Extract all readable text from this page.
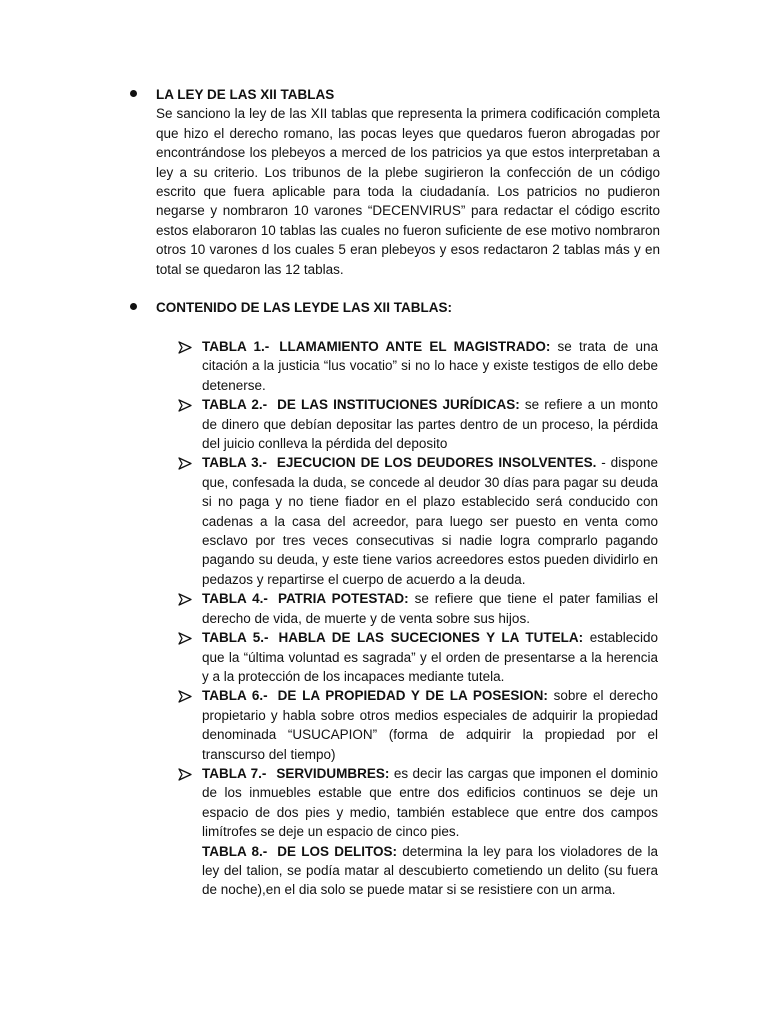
LA LEY DE LAS XII TABLAS
Se sanciono la ley de las XII tablas que representa la primera codificación completa que hizo el derecho romano, las pocas leyes que quedaros fueron abrogadas por encontrándose los plebeyos a merced de los patricios ya que estos interpretaban a ley a su criterio. Los tribunos de la plebe sugirieron la confección de un código escrito que fuera aplicable para toda la ciudadanía. Los patricios no pudieron negarse y nombraron 10 varones “DECENVIRUS” para redactar el código escrito estos elaboraron 10 tablas las cuales no fueron suficiente de ese motivo nombraron otros 10 varones d los cuales 5 eran plebeyos y esos redactaron 2 tablas más y en total se quedaron las 12 tablas.
CONTENIDO DE LAS LEYDE LAS XII TABLAS:
TABLA 1.- LLAMAMIENTO ANTE EL MAGISTRADO: se trata de una citación a la justicia “lus vocatio” si no lo hace y existe testigos de ello debe detenerse.
TABLA 2.- DE LAS INSTITUCIONES JURÍDICAS: se refiere a un monto de dinero que debían depositar las partes dentro de un proceso, la pérdida del juicio conlleva la pérdida del deposito
TABLA 3.- EJECUCION DE LOS DEUDORES INSOLVENTES. - dispone que, confesada la duda, se concede al deudor 30 días para pagar su deuda si no paga y no tiene fiador en el plazo establecido será conducido con cadenas a la casa del acreedor, para luego ser puesto en venta como esclavo por tres veces consecutivas si nadie logra comprarlo pagando pagando su deuda, y este tiene varios acreedores estos pueden dividirlo en pedazos y repartirse el cuerpo de acuerdo a la deuda.
TABLA 4.- PATRIA POTESTAD: se refiere que tiene el pater familias el derecho de vida, de muerte y de venta sobre sus hijos.
TABLA 5.- HABLA DE LAS SUCECIONES Y LA TUTELA: establecido que la “última voluntad es sagrada” y el orden de presentarse a la herencia y a la protección de los incapaces mediante tutela.
TABLA 6.- DE LA PROPIEDAD Y DE LA POSESION: sobre el derecho propietario y habla sobre otros medios especiales de adquirir la propiedad denominada “USUCAPION” (forma de adquirir la propiedad por el transcurso del tiempo)
TABLA 7.- SERVIDUMBRES: es decir las cargas que imponen el dominio de los inmuebles estable que entre dos edificios continuos se deje un espacio de dos pies y medio, también establece que entre dos campos limítrofes se deje un espacio de cinco pies.
TABLA 8.- DE LOS DELITOS: determina la ley para los violadores de la ley del talion, se podía matar al descubierto cometiendo un delito (su fuera de noche),en el dia solo se puede matar si se resistiere con un arma.
